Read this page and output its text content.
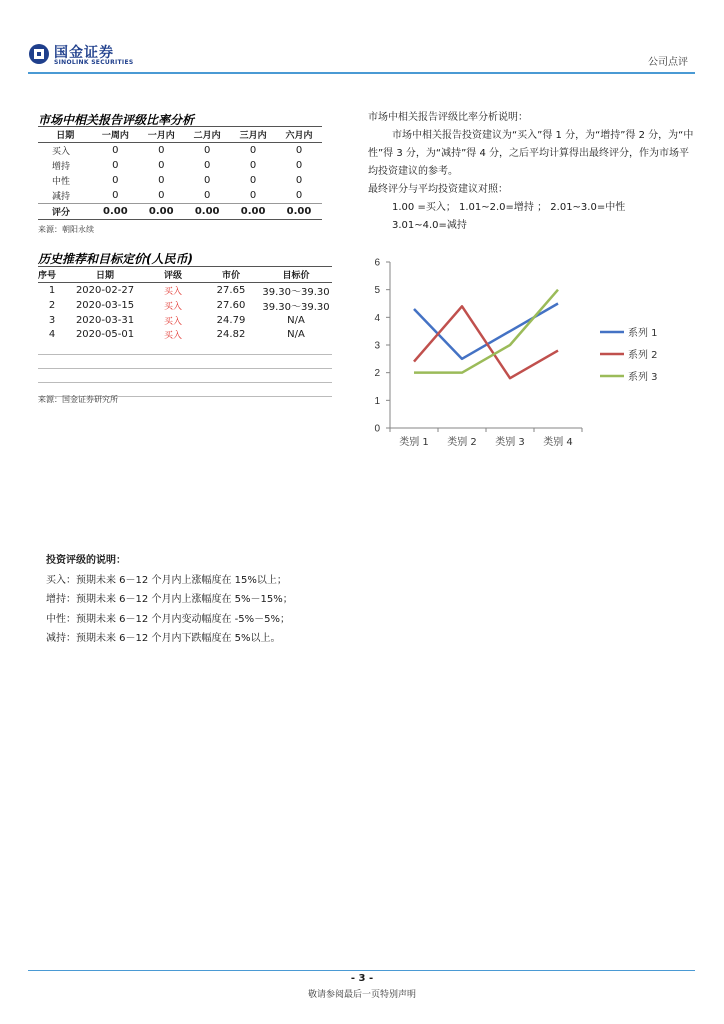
国金证券
SINOLINK SECURITIES	公司点评
市场中相关报告评级比率分析
日期	一周内	一月内	二月内	三月内	六月内
买入	0	0	0	0	0
增持	0	0	0	0	0
中性	0	0	0	0	0
减持	0	0	0	0	0
评分	0.00	0.00	0.00	0.00	0.00
来源：朝阳永续
历史推荐和目标定价(人民币)
序号	日期	评级	市价	目标价
1	2020-02-27	买入	27.65	39.30～39.30
2	2020-03-15	买入	27.60	39.30～39.30
3	2020-03-31	买入	24.79	N/A
4	2020-05-01	买入	24.82	N/A

来源：国金证券研究所

市场中相关报告评级比率分析说明：

市场中相关报告投资建议为“买入”得 1 分，为“增持”得 2 分，为“中性”得 3 分，为“减持”得 4 分，之后平均计算得出最终评分，作为市场平均投资建议的参考。

最终评分与平均投资建议对照：

1.00 =买入； 1.01~2.0=增持 ； 2.01~3.0=中性

3.01~4.0=减持

0
1
2
3
4
5
6
类别 1 类别 2 类别 3 类别 4
系列 1
系列 2
系列 3
投资评级的说明：
买入：预期未来 6－12 个月内上涨幅度在 15%以上；
增持：预期未来 6－12 个月内上涨幅度在 5%－15%；
中性：预期未来 6－12 个月内变动幅度在 -5%－5%；
减持：预期未来 6－12 个月内下跌幅度在 5%以上。
- 3 -
敬请参阅最后一页特别声明
